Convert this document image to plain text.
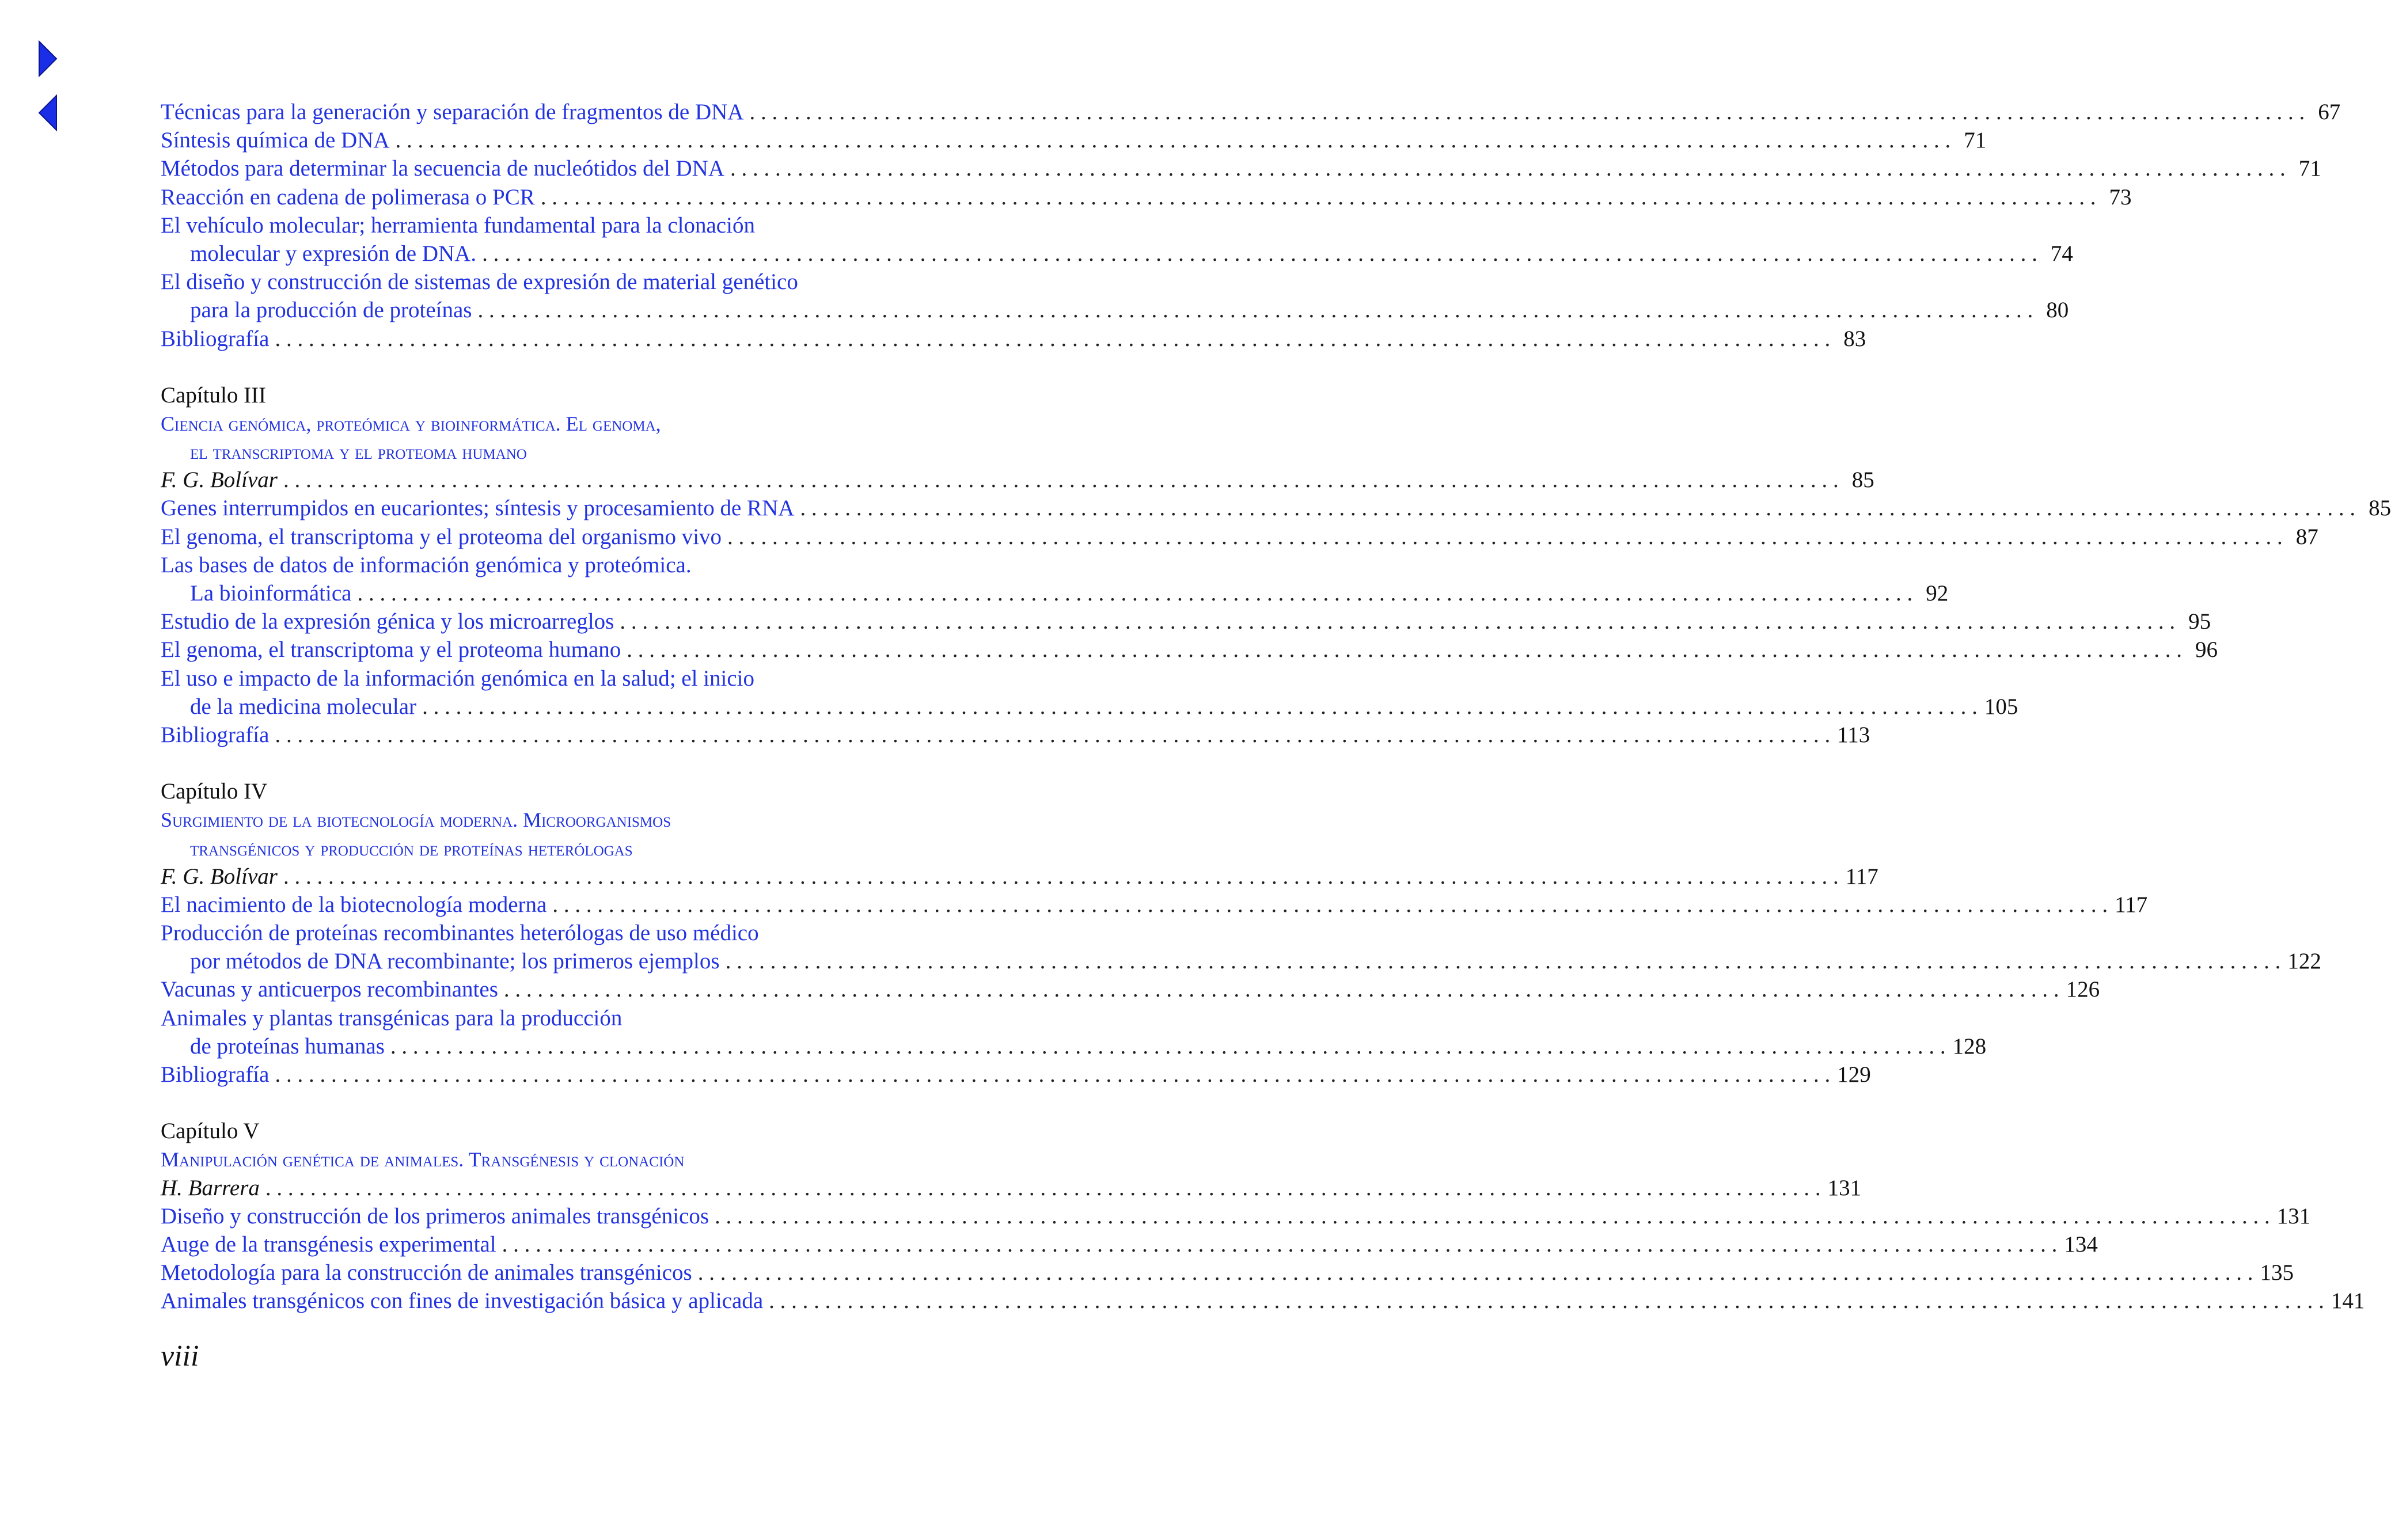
Técnicas para la generación y separación de fragmentos de DNA . . .	67
Síntesis química de DNA . . .	71
Métodos para determinar la secuencia de nucleótidos del DNA . . .	71
Reacción en cadena de polimerasa o PCR . . .	73
El vehículo molecular; herramienta fundamental para la clonación
molecular y expresión de DNA. . . .	74
El diseño y construcción de sistemas de expresión de material genético
para la producción de proteínas . . .	80
Bibliografía . . .	83
Capítulo III
Ciencia genómica, proteómica y bioinformática. El genoma,
el transcriptoma y el proteoma humano
F. G. Bolívar . . .	85
Genes interrumpidos en eucariontes; síntesis y procesamiento de RNA . . .	85
El genoma, el transcriptoma y el proteoma del organismo vivo . . .	87
Las bases de datos de información genómica y proteómica.
La bioinformática . . .	92
Estudio de la expresión génica y los microarreglos . . .	95
El genoma, el transcriptoma y el proteoma humano . . .	96
El uso e impacto de la información genómica en la salud; el inicio
de la medicina molecular . . .	105
Bibliografía . . .	113
Capítulo IV
Surgimiento de la biotecnología moderna. Microorganismos
transgénicos y producción de proteínas heterólogas
F. G. Bolívar . . .	117
El nacimiento de la biotecnología moderna . . .	117
Producción de proteínas recombinantes heterólogas de uso médico
por métodos de DNA recombinante; los primeros ejemplos . . .	122
Vacunas y anticuerpos recombinantes . . .	126
Animales y plantas transgénicas para la producción
de proteínas humanas . . .	128
Bibliografía . . .	129
Capítulo V
Manipulación genética de animales. Transgénesis y clonación
H. Barrera . . .	131
Diseño y construcción de los primeros animales transgénicos . . .	131
Auge de la transgénesis experimental . . .	134
Metodología para la construcción de animales transgénicos . . .	135
Animales transgénicos con fines de investigación básica y aplicada . . .	141
viii
